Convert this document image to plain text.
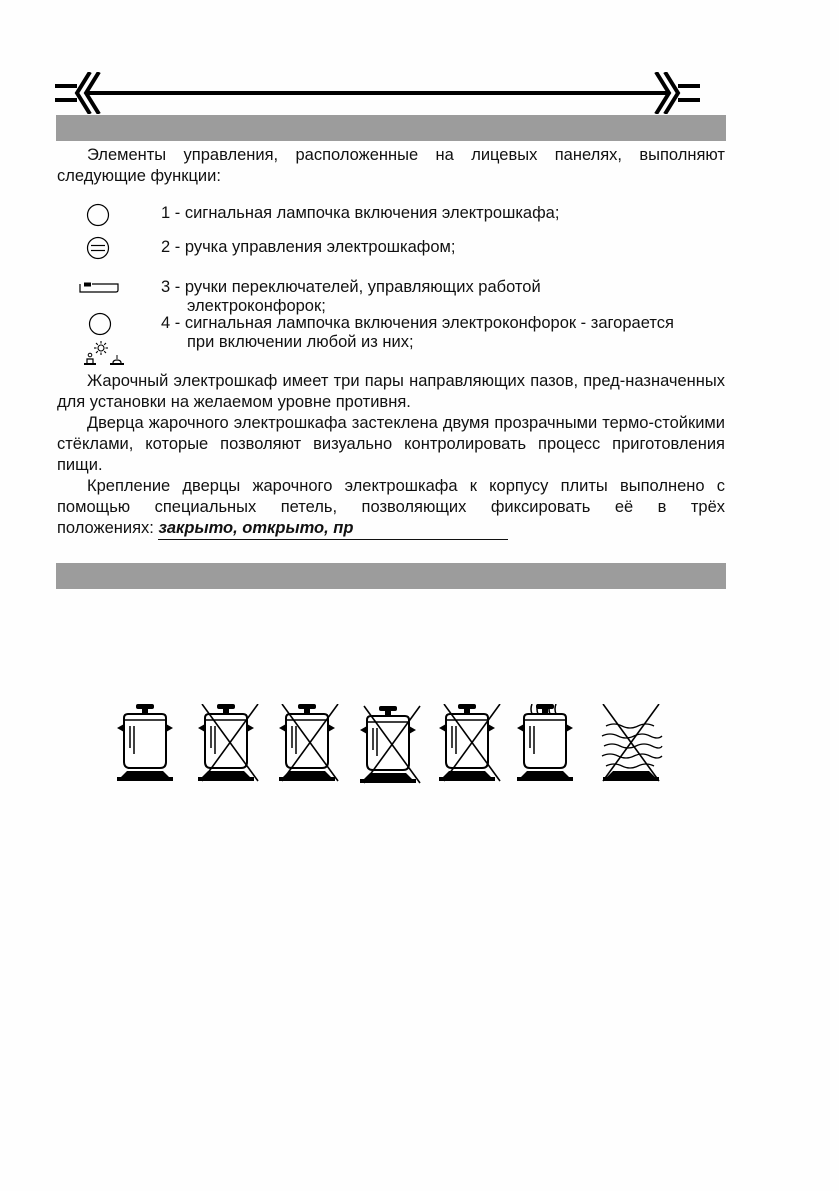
Элементы управления, расположенные на лицевых панелях, выполняют следующие функции:
1 - сигнальная лампочка включения электрошкафа;
2 - ручка управления электрошкафом;
3 - ручки переключателей, управляющих работой
электроконфорок;
4 - сигнальная лампочка включения электроконфорок - загорается
при включении любой из них;
Жарочный электрошкаф имеет три пары направляющих пазов, пред-назначенных для установки на желаемом уровне противня.
Дверца жарочного электрошкафа застеклена двумя прозрачными термо-стойкими стёклами, которые позволяют визуально контролировать процесс приготовления пищи.
Крепление дверцы жарочного электрошкафа к корпусу плиты выполнено с помощью специальных петель, позволяющих фиксировать её в трёх
положениях: закрыто, открыто, пр
